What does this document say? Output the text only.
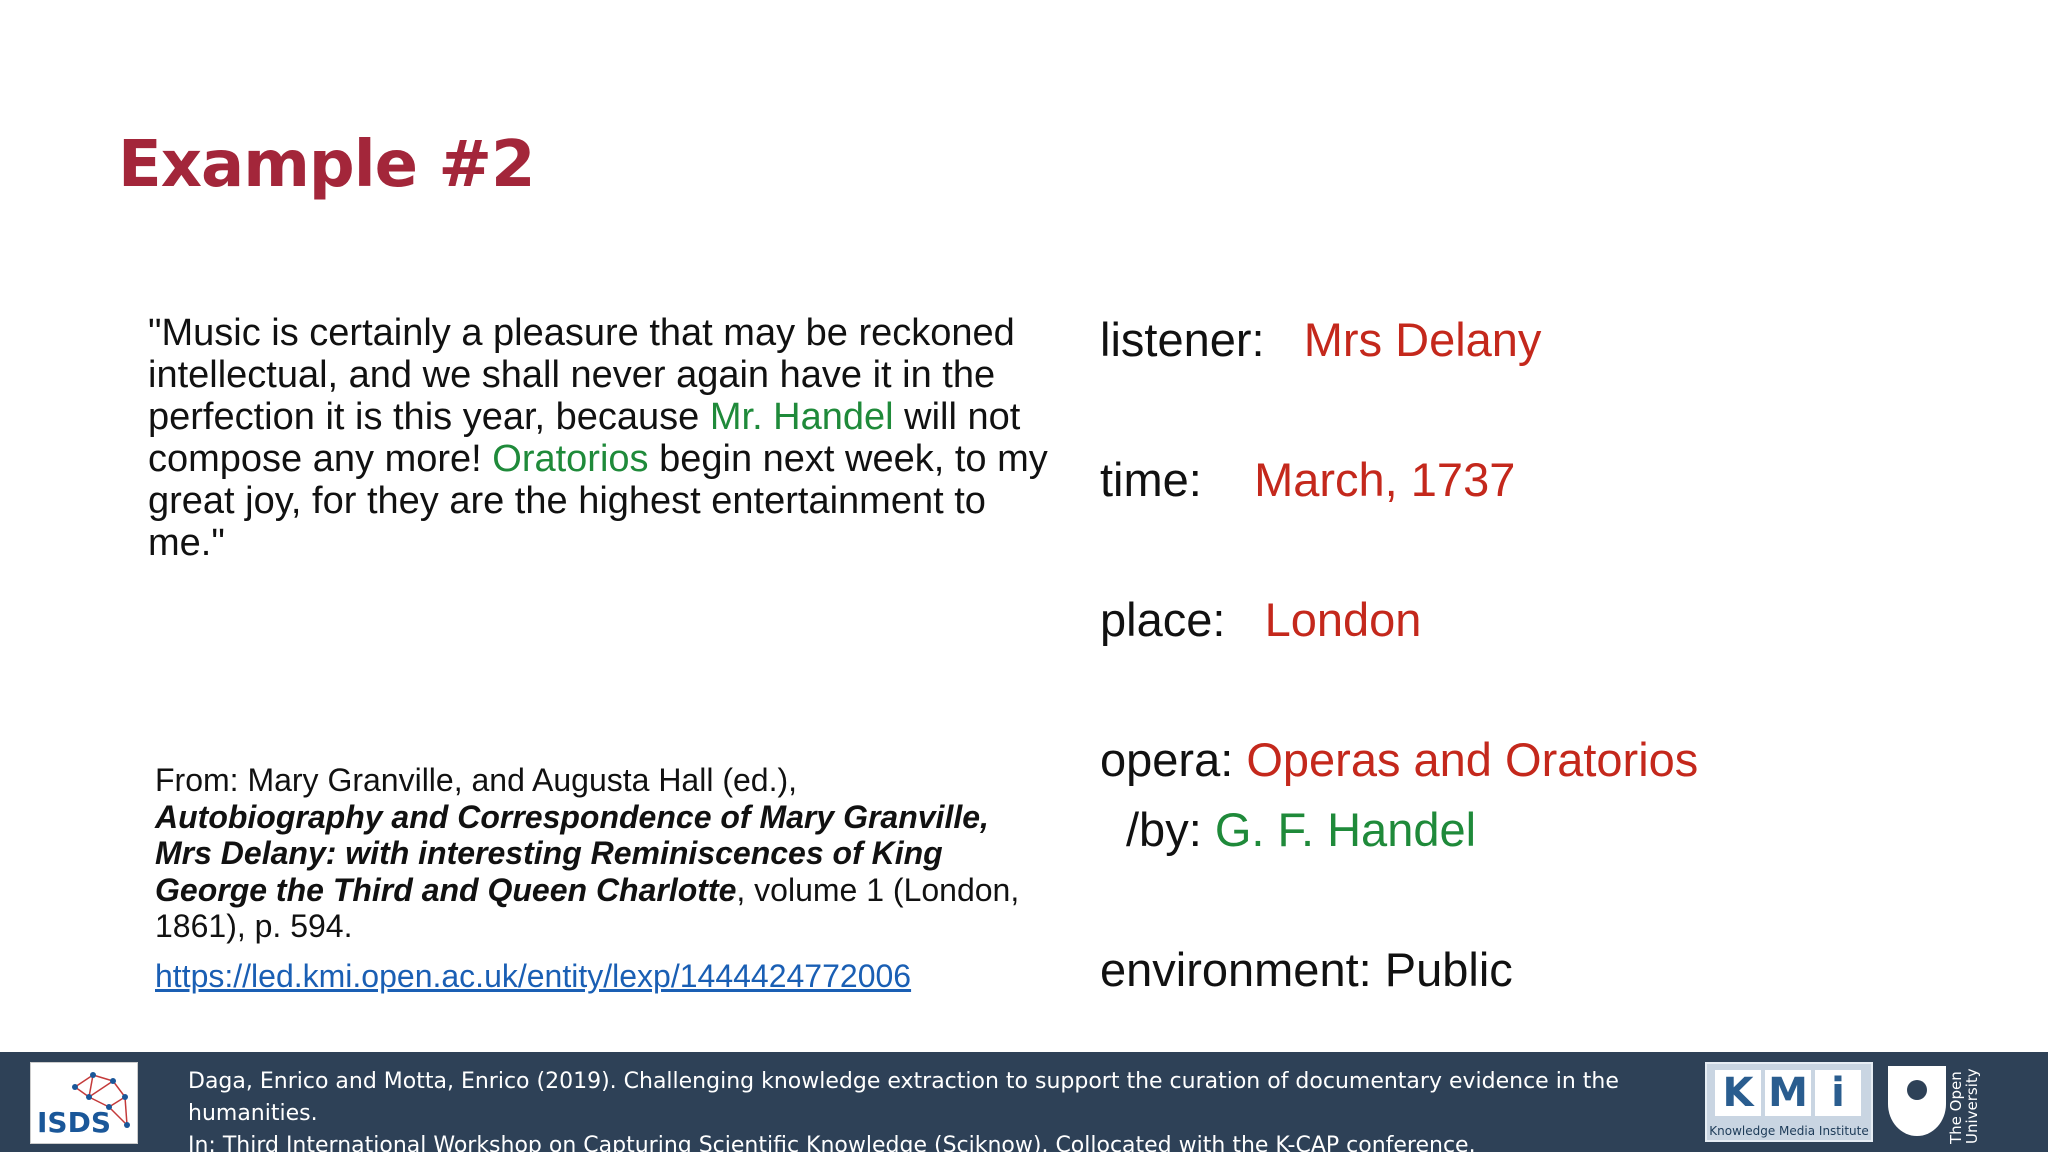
Example #2
"Music is certainly a pleasure that may be reckoned intellectual, and we shall never again have it in the perfection it is this year, because Mr. Handel will not compose any more! Oratorios begin next week, to my great joy, for they are the highest entertainment to me."
From: Mary Granville, and Augusta Hall (ed.),
Autobiography and Correspondence of Mary Granville, Mrs Delany: with interesting Reminiscences of King George the Third and Queen Charlotte, volume 1 (London, 1861), p. 594.
https://led.kmi.open.ac.uk/entity/lexp/1444424772006
listener: Mrs Delany
time: March, 1737
place: London
opera: Operas and Oratorios
/by: G. F. Handel
environment: Public
ISDS
Daga, Enrico and Motta, Enrico (2019). Challenging knowledge extraction to support the curation of documentary evidence in the humanities.
In: Third International Workshop on Capturing Scientific Knowledge (Sciknow). Collocated with the K-CAP conference.
K M i
Knowledge Media Institute	The Open
University
